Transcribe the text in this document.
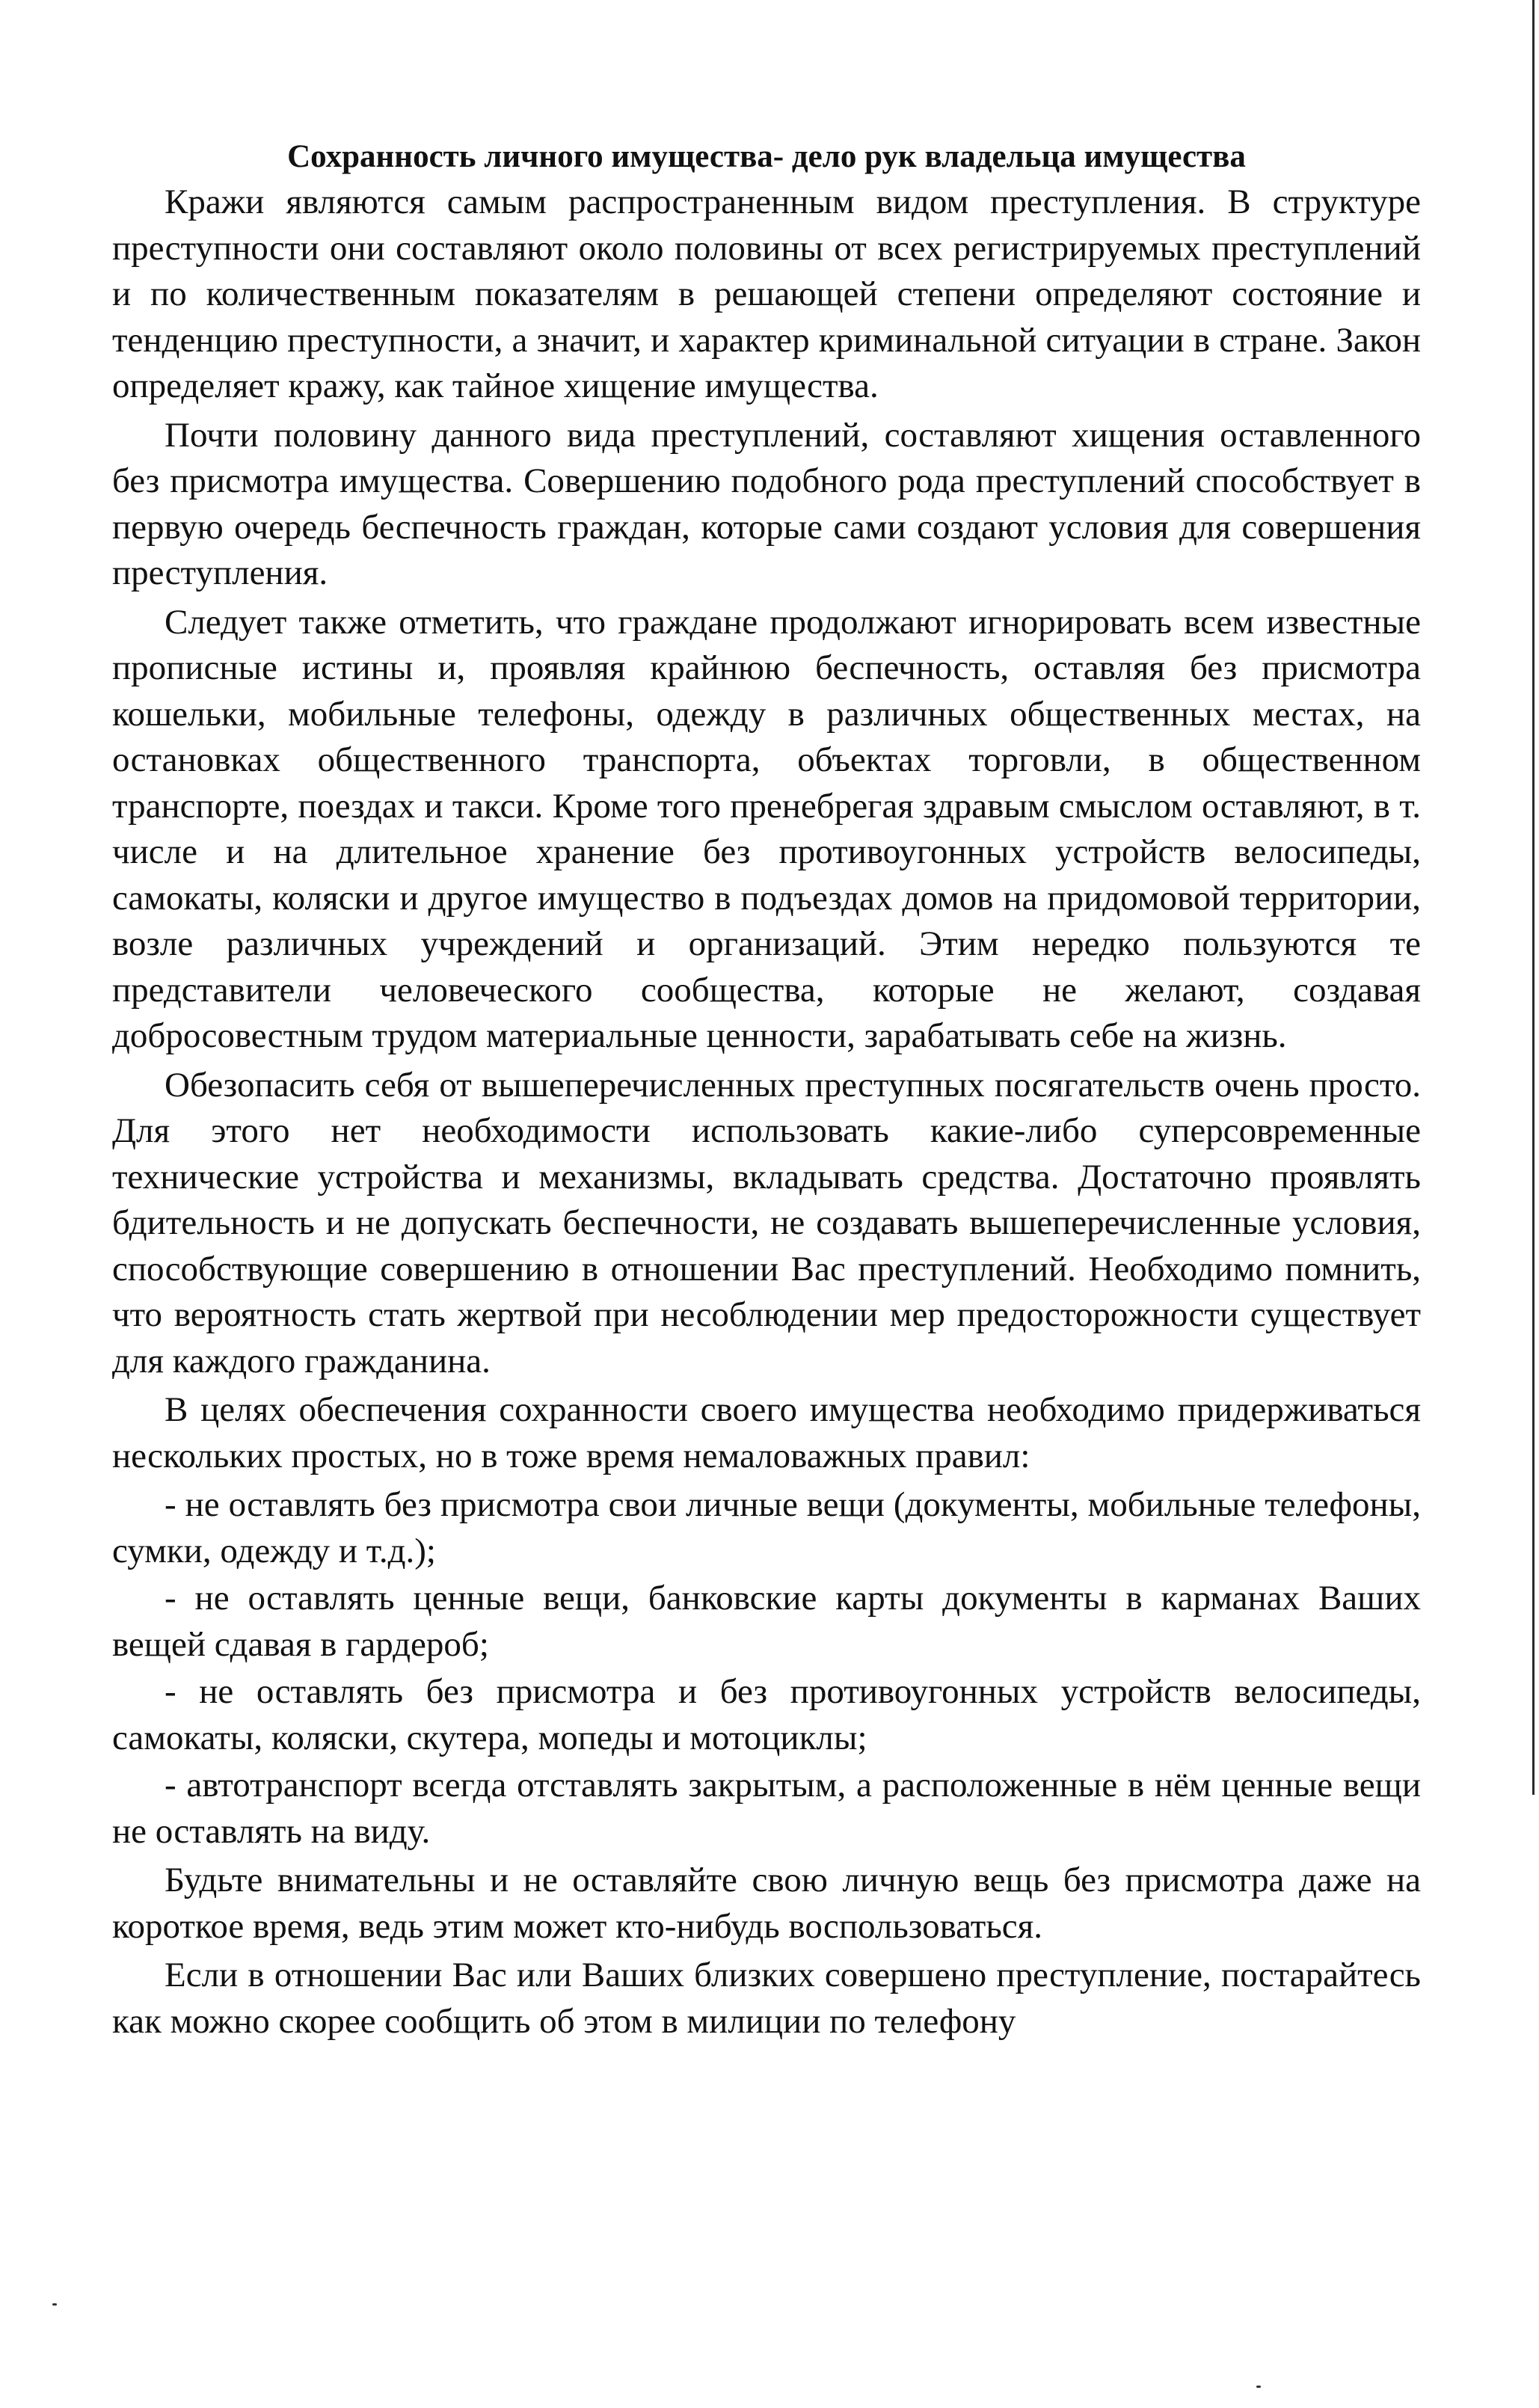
Сохранность личного имущества- дело рук владельца имущества

Кражи являются самым распространенным видом преступления. В структуре преступности они составляют около половины от всех регистрируемых преступлений и по количественным показателям в решающей степени определяют состояние и тенденцию преступности, а значит, и характер криминальной ситуации в стране. Закон определяет кражу, как тайное хищение имущества.

Почти половину данного вида преступлений, составляют хищения оставленного без присмотра имущества. Совершению подобного рода преступлений способствует в первую очередь беспечность граждан, которые сами создают условия для совершения преступления.

Следует также отметить, что граждане продолжают игнорировать всем известные прописные истины и, проявляя крайнюю беспечность, оставляя без присмотра кошельки, мобильные телефоны, одежду в различных общественных местах, на остановках общественного транспорта, объектах торговли, в общественном транспорте, поездах и такси. Кроме того пренебрегая здравым смыслом оставляют, в т. числе и на длительное хранение без противоугонных устройств велосипеды, самокаты, коляски и другое имущество в подъездах домов на придомовой территории, возле различных учреждений и организаций. Этим нередко пользуются те представители человеческого сообщества, которые не желают, создавая добросовестным трудом материальные ценности, зарабатывать себе на жизнь.

Обезопасить себя от вышеперечисленных преступных посягательств очень просто. Для этого нет необходимости использовать какие-либо суперсовременные технические устройства и механизмы, вкладывать средства. Достаточно проявлять бдительность и не допускать беспечности, не создавать вышеперечисленные условия, способствующие совершению в отношении Вас преступлений. Необходимо помнить, что вероятность стать жертвой при несоблюдении мер предосторожности существует для каждого гражданина.

В целях обеспечения сохранности своего имущества необходимо придерживаться нескольких простых, но в тоже время немаловажных правил:

- не оставлять без присмотра свои личные вещи (документы, мобильные телефоны, сумки, одежду и т.д.);

- не оставлять ценные вещи, банковские карты документы в карманах Ваших вещей сдавая в гардероб;

- не оставлять без присмотра и без противоугонных устройств велосипеды, самокаты, коляски, скутера, мопеды и мотоциклы;

- автотранспорт всегда отставлять закрытым, а расположенные в нём ценные вещи не оставлять на виду.

Будьте внимательны и не оставляйте свою личную вещь без присмотра даже на короткое время, ведь этим может кто-нибудь воспользоваться.

Если в отношении Вас или Ваших близких совершено преступление, постарайтесь как можно скорее сообщить об этом в милиции по телефону
